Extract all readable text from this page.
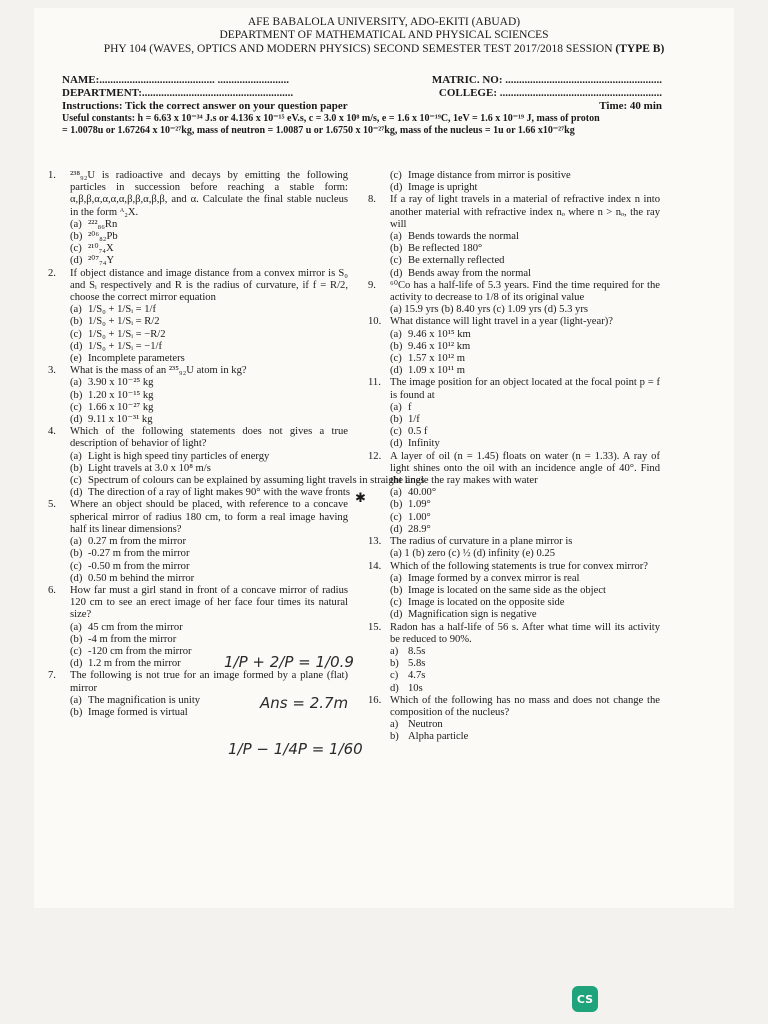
AFE BABALOLA UNIVERSITY, ADO-EKITI (ABUAD)
DEPARTMENT OF MATHEMATICAL AND PHYSICAL SCIENCES
PHY 104 (WAVES, OPTICS AND MODERN PHYSICS) SECOND SEMESTER TEST 2017/2018 SESSION (TYPE B)
NAME:.......................................... ..........................	MATRIC. NO: .........................................................
DEPARTMENT:.......................................................	COLLEGE: ...........................................................
Instructions: Tick the correct answer on your question paper	Time: 40 min
Useful constants: h = 6.63 x 10⁻³⁴ J.s or 4.136 x 10⁻¹⁵ eV.s, c = 3.0 x 10⁸ m/s, e = 1.6 x 10⁻¹⁹C, 1eV = 1.6 x 10⁻¹⁹ J, mass of proton
= 1.0078u or 1.67264 x 10⁻²⁷kg, mass of neutron = 1.0087 u or 1.6750 x 10⁻²⁷kg, mass of the nucleus = 1u or 1.66 x10⁻²⁷kg
1. ²³⁸₉₂U is radioactive and decays by emitting the following particles in succession before reaching a stable form: α,β,β,α,α,α,α,β,β,α,β,β, and α. Calculate the final stable nucleus in the form ᴬ₂X.
(a) ²²²₈₆Rn
(b) ²⁰⁶₈₂Pb
(c) ²¹⁰₇₄X
(d) ²⁰⁷₇₄Y
2. If object distance and image distance from a convex mirror is S₀ and Sᵢ respectively and R is the radius of curvature, if f = R/2, choose the correct mirror equation
(a) 1/S₀ + 1/Sᵢ = 1/f
(b) 1/S₀ + 1/Sᵢ = R/2
(c) 1/S₀ + 1/Sᵢ = −R/2
(d) 1/S₀ + 1/Sᵢ = −1/f
(e) Incomplete parameters
3. What is the mass of an ²³⁵₉₂U atom in kg?
(a) 3.90 x 10⁻²⁵ kg
(b) 1.20 x 10⁻¹⁵ kg
(c) 1.66 x 10⁻²⁷ kg
(d) 9.11 x 10⁻³¹ kg
4. Which of the following statements does not gives a true description of behavior of light?
(a) Light is high speed tiny particles of energy
(b) Light travels at 3.0 x 10⁸ m/s
(c) Spectrum of colours can be explained by assuming light travels in straight lines
(d) The direction of a ray of light makes 90° with the wave fronts
5. Where an object should be placed, with reference to a concave spherical mirror of radius 180 cm, to form a real image having half its linear dimensions?
(a) 0.27 m from the mirror
(b) -0.27 m from the mirror
(c) -0.50 m from the mirror
(d) 0.50 m behind the mirror
6. How far must a girl stand in front of a concave mirror of radius 120 cm to see an erect image of her face four times its natural size?
(a) 45 cm from the mirror
(b) -4 m from the mirror
(c) -120 cm from the mirror
(d) 1.2 m from the mirror
7. The following is not true for an image formed by a plane (flat) mirror
(a) The magnification is unity
(b) Image formed is virtual
(c) Image distance from mirror is positive
(d) Image is upright
8. If a ray of light travels in a material of refractive index n into another material with refractive index nₒ where n > nₒ, the ray will
(a) Bends towards the normal
(b) Be reflected 180°
(c) Be externally reflected
(d) Bends away from the normal
9. ⁶⁰Co has a half-life of 5.3 years. Find the time required for the activity to decrease to 1/8 of its original value
(a) 15.9 yrs (b) 8.40 yrs (c) 1.09 yrs (d) 5.3 yrs
10. What distance will light travel in a year (light-year)?
(a) 9.46 x 10¹⁵ km
(b) 9.46 x 10¹² km
(c) 1.57 x 10¹² m
(d) 1.09 x 10¹¹ m
11. The image position for an object located at the focal point p = f is found at
(a) f
(b) 1/f
(c) 0.5 f
(d) Infinity
12. A layer of oil (n = 1.45) floats on water (n = 1.33). A ray of light shines onto the oil with an incidence angle of 40°. Find the angle the ray makes with water
(a) 40.00°
(b) 1.09°
(c) 1.00°
(d) 28.9°
13. The radius of curvature in a plane mirror is
(a) 1 (b) zero (c) ½ (d) infinity (e) 0.25
14. Which of the following statements is true for convex mirror?
(a) Image formed by a convex mirror is real
(b) Image is located on the same side as the object
(c) Image is located on the opposite side
(d) Magnification sign is negative
15. Radon has a half-life of 56 s. After what time will its activity be reduced to 90%.
a) 8.5s
b) 5.8s
c) 4.7s
d) 10s
16. Which of the following has no mass and does not change the composition of the nucleus?
a) Neutron
b) Alpha particle
1/P + 2/P = 1/0.9
Ans = 2.7m
1/P − 1/4P = 1/60
✱
CS
